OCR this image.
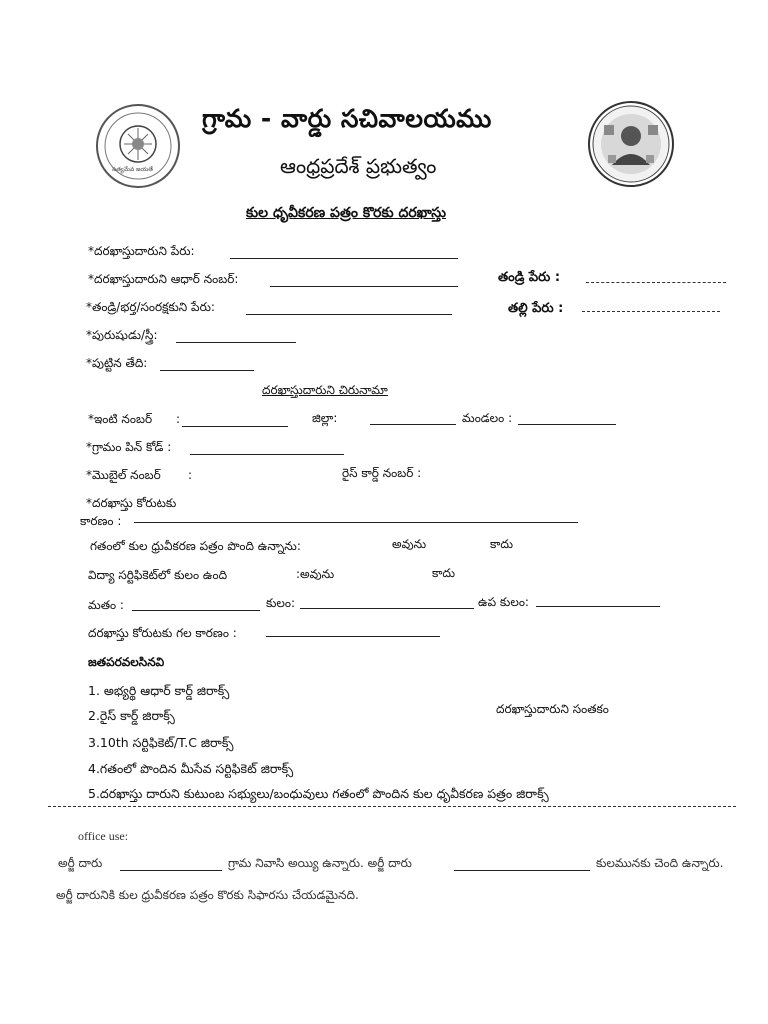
సత్యమేవ జయతే
గ్రామ - వార్డు సచివాలయము
ఆంధ్రప్రదేశ్ ప్రభుత్వం
కుల ధృవీకరణ పత్రం కొరకు దరఖాస్తు
*దరఖాస్తుదారుని పేరు:
*దరఖాస్తుదారుని ఆధార్ నంబర్:	తండ్రి పేరు :
*తండ్రి/భర్త/సంరక్షకుని పేరు:	తల్లి పేరు :
*పురుషుడు/స్త్రీ:
*పుట్టిన తేది:
దరఖాస్తుదారుని చిరునామా
*ఇంటి నంబర్ :	జిల్లా:	మండలం :
*గ్రామం పిన్ కోడ్ :
*మొబైల్ నంబర్ :	రైస్ కార్డ్ నంబర్ :
*దరఖాస్తు కోరుటకు
కారణం :
గతంలో కుల ధ్రువీకరణ పత్రం పొంది ఉన్నాను:	అవును	కాదు
విద్యా సర్టిఫికెట్‌లో కులం ఉంది	:అవును	కాదు
మతం :	కులం:	ఉప కులం:
దరఖాస్తు కోరుటకు గల కారణం :
జతపరవలసినవి
1. అభ్యర్థి ఆధార్ కార్డ్ జిరాక్స్
2.రైస్ కార్డ్ జిరాక్స్
3.10th సర్టిఫికెట్/T.C జిరాక్స్
4.గతంలో పొందిన మీసేవ సర్టిఫికెట్ జిరాక్స్
5.దరఖాస్తు దారుని కుటుంబ సభ్యులు/బంధువులు గతంలో పొందిన కుల ధృవీకరణ పత్రం జిరాక్స్
దరఖాస్తుదారుని సంతకం
office use:
అర్జీ దారు	గ్రామ నివాసి అయ్యి ఉన్నారు. అర్జీ దారు	కులమునకు చెంది ఉన్నారు.
అర్జీ దారునికి కుల ధ్రువీకరణ పత్రం కొరకు సిఫారసు చేయడమైనది.
